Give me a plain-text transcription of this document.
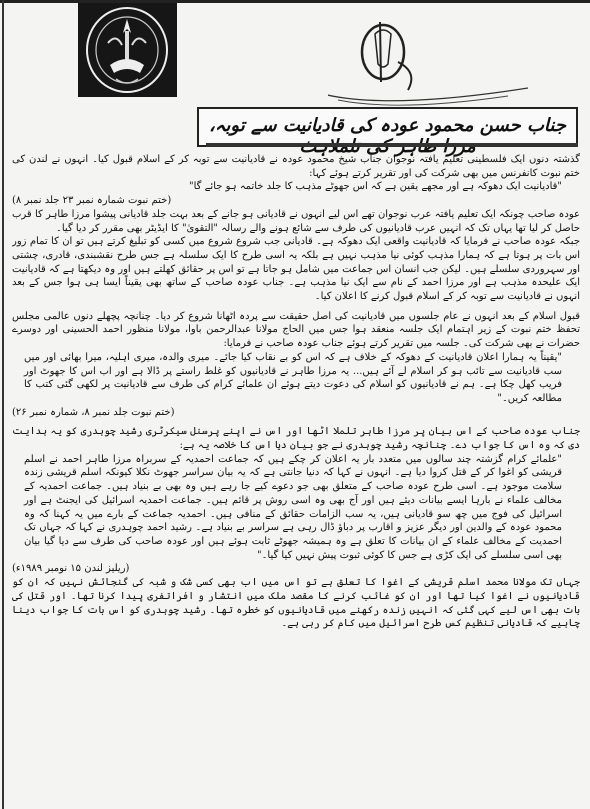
جناب حسن محمود عودہ کی قادیانیت سے توبہ،

گذشتہ دنوں ایک فلسطینی تعلیم یافتہ نوجوان جناب شیخ محمود عودہ نے قادیانیت سے توبہ کر کے اسلام قبول کیا۔ انہوں نے لندن کی ختم نبوت کانفرنس میں بھی شرکت کی اور تقریر کرتے ہوئے کہا:

"قادیانیت ایک دھوکہ ہے اور مجھے یقین ہے کہ اس جھوٹے مذہب کا جلد خاتمہ ہو جائے گا"

(ختم نبوت شمارہ نمبر ۲۳ جلد نمبر ۸)

عودہ صاحب چونکہ ایک تعلیم یافتہ عرب نوجوان تھے اس لیے انہوں نے قادیانی ہو جانے کے بعد بہت جلد قادیانی پیشوا مرزا طاہر کا قرب حاصل کر لیا تھا یہاں تک کہ انہیں عرب قادیانیوں کی طرف سے شائع ہونے والے رسالہ "التقویٰ" کا ایڈیٹر بھی مقرر کر دیا گیا۔

جبکہ عودہ صاحب نے فرمایا کہ قادیانیت واقعی ایک دھوکہ ہے۔ قادیانی جب شروع شروع میں کسی کو تبلیغ کرتے ہیں تو ان کا تمام زور اس بات پر ہوتا ہے کہ ہمارا مذہب کوئی نیا مذہب نہیں ہے بلکہ یہ اسی طرح کا ایک سلسلہ ہے جس طرح نقشبندی، قادری، چشتی اور سہروردی سلسلے ہیں۔ لیکن جب انسان اس جماعت میں شامل ہو جاتا ہے تو اس پر حقائق کھلتے ہیں اور وہ دیکھتا ہے کہ قادیانیت ایک علیحدہ مذہب ہے اور مرزا احمد کے نام سے ایک نیا مذہب ہے۔ جناب عودہ صاحب کے ساتھ بھی یقیناً ایسا ہی ہوا جس کے بعد انہوں نے قادیانیت سے توبہ کر کے اسلام قبول کرنے کا اعلان کیا۔

قبول اسلام کے بعد انہوں نے عام جلسوں میں قادیانیت کی اصل حقیقت سے پردہ اٹھانا شروع کر دیا۔ چنانچہ پچھلے دنوں عالمی مجلس تحفظ ختم نبوت کے زیر اہتمام ایک جلسہ منعقد ہوا جس میں الحاج مولانا عبدالرحمن باوا، مولانا منظور احمد الحسینی اور دوسرے حضرات نے بھی شرکت کی۔ جلسہ میں تقریر کرتے ہوئے جناب عودہ صاحب نے فرمایا:

"یقیناً یہ ہمارا اعلان قادیانیت کے دھوکہ کے خلاف ہے کہ اس کو بے نقاب کیا جائے۔ میری والدہ، میری اہلیہ، میرا بھائی اور میں سب قادیانیت سے تائب ہو کر اسلام لے آئے ہیں... یہ مرزا طاہر نے قادیانیوں کو غلط راستے پر ڈالا ہے اور اب اس کا جھوٹ اور فریب کھل چکا ہے۔ ہم نے قادیانیوں کو اسلام کی دعوت دیتے ہوئے ان علمائے کرام کی طرف سے قادیانیت پر لکھی گئی کتب کا مطالعہ کریں۔"

(ختم نبوت جلد نمبر ۸، شمارہ نمبر ۲۶)

جناب عودہ صاحب کے اس بیان پر مرزا طاہر تلملا اٹھا اور اس نے اپنے پرسنل سیکرٹری رشید چوہدری کو یہ ہدایت دی کہ وہ اس کا جواب دے۔ چنانچہ رشید چوہدری نے جو بیان دیا اس کا خلاصہ یہ ہے:

"علمائے کرام گزشتہ چند سالوں میں متعدد بار یہ اعلان کر چکے ہیں کہ جماعت احمدیہ کے سربراہ مرزا طاہر احمد نے اسلم قریشی کو اغوا کر کے قتل کروا دیا ہے۔ انہوں نے کہا کہ دنیا جانتی ہے کہ یہ بیان سراسر جھوٹ نکلا کیونکہ اسلم قریشی زندہ سلامت موجود ہے۔ اسی طرح عودہ صاحب کے متعلق بھی جو دعوے کیے جا رہے ہیں وہ بھی بے بنیاد ہیں۔ جماعت احمدیہ کے مخالف علماء نے بارہا ایسے بیانات دیئے ہیں اور آج بھی وہ اسی روش پر قائم ہیں۔ جماعت احمدیہ اسرائیل کی ایجنٹ ہے اور اسرائیل کی فوج میں چھ سو قادیانی ہیں، یہ سب الزامات حقائق کے منافی ہیں۔ احمدیہ جماعت کے بارے میں یہ کہنا کہ وہ محمود عودہ کے والدین اور دیگر عزیز و اقارب پر دباؤ ڈال رہی ہے سراسر بے بنیاد ہے۔ رشید احمد چوہدری نے کہا کہ جہاں تک احمدیت کے مخالف علماء کے ان بیانات کا تعلق ہے وہ ہمیشہ جھوٹے ثابت ہوئے ہیں اور عودہ صاحب کی طرف سے دیا گیا بیان بھی اسی سلسلے کی ایک کڑی ہے جس کا کوئی ثبوت پیش نہیں کیا گیا۔"

(ریلیز لندن ۱۵ نومبر ۱۹۸۹ء)

جہاں تک مولانا محمد اسلم قریشی کے اغوا کا تعلق ہے تو اس میں اب بھی کسی شک و شبہ کی گنجائش نہیں کہ ان کو قادیانیوں نے اغوا کیا تھا اور ان کو غائب کرنے کا مقصد ملک میں انتشار و افراتفری پیدا کرنا تھا۔ اور قتل کی بات بھی اس لیے کہی گئی کہ انہیں زندہ رکھنے میں قادیانیوں کو خطرہ تھا۔ رشید چوہدری کو اس بات کا جواب دینا چاہیے کہ قادیانی تنظیم کس طرح اسرائیل میں کام کر رہی ہے۔
